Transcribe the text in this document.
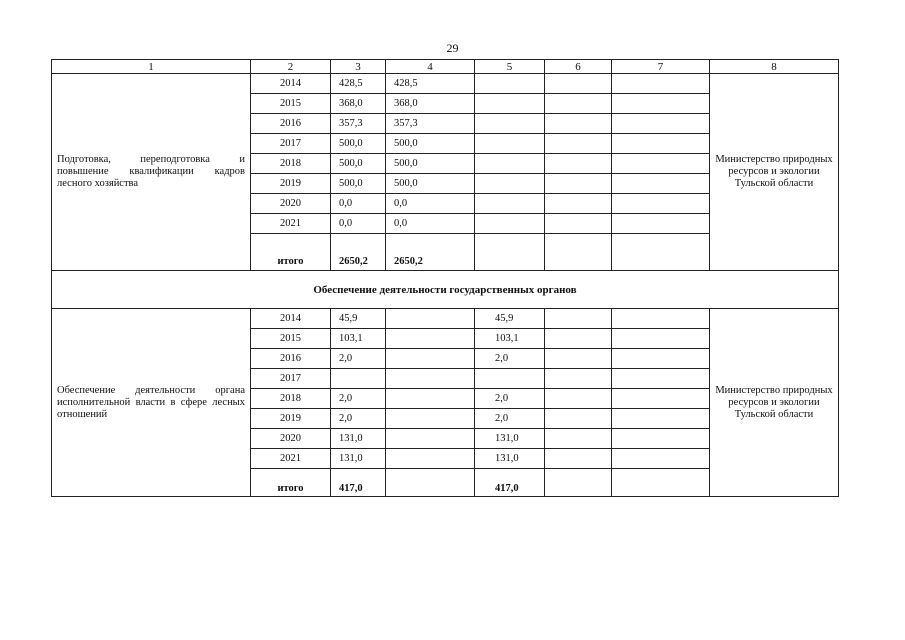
29
1	2	3	4	5	6	7	8
Подготовка, переподготовка и повышение квалификации кадров лесного хозяйства	2014	428,5	428,5				Министерство природных ресурсов и экологии Тульской области
	2015	368,0	368,0				
	2016	357,3	357,3				
	2017	500,0	500,0				
	2018	500,0	500,0				
	2019	500,0	500,0				
	2020	0,0	0,0				
	2021	0,0	0,0				
	итого	2650,2	2650,2				
Обеспечение деятельности государственных органов							
Обеспечение деятельности органа исполнительной власти в сфере лесных отношений	2014	45,9		45,9			Министерство природных ресурсов и экологии Тульской области
	2015	103,1		103,1			
	2016	2,0		2,0			
	2017						
	2018	2,0		2,0			
	2019	2,0		2,0			
	2020	131,0		131,0			
	2021	131,0		131,0			
	итого	417,0		417,0			
